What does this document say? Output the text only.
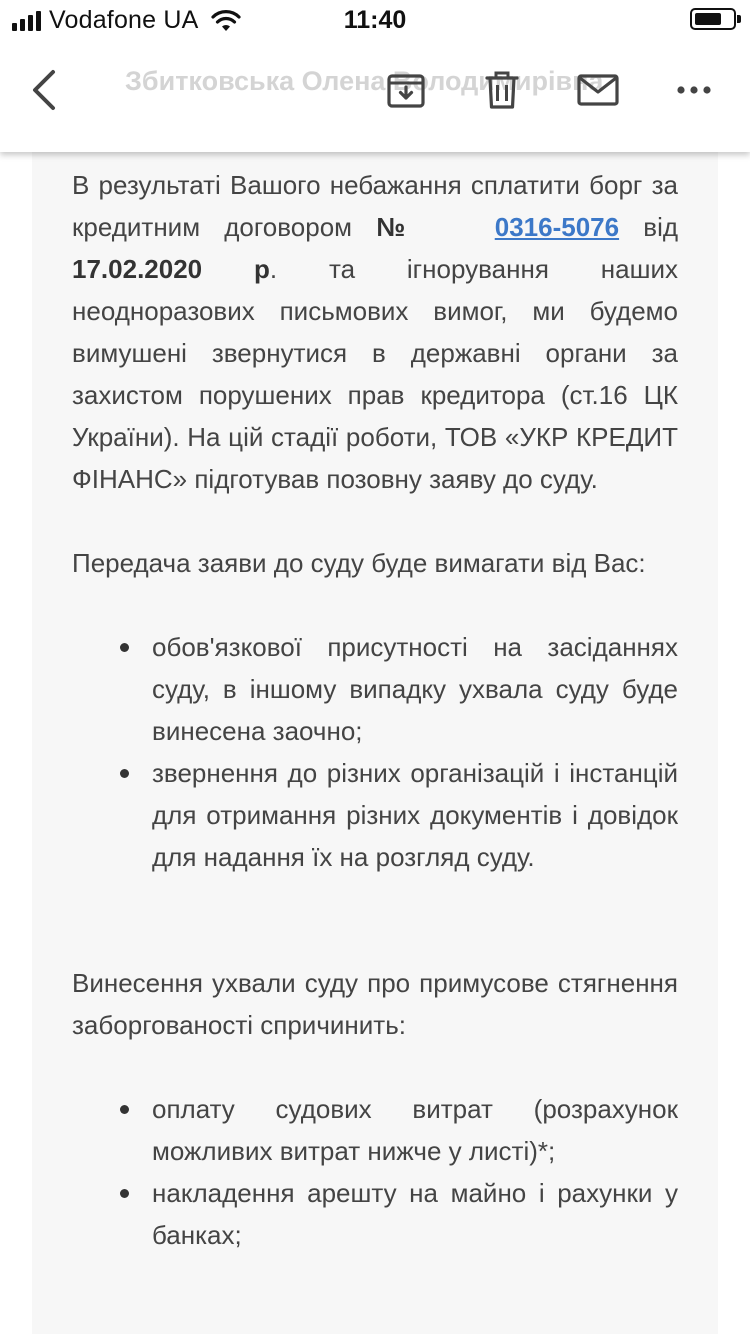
Vodafone UA	11:40
Збитковська Олена Володимирівна

В результаті Вашого небажання сплатити борг за кредитним договором №	0316-5076 від 17.02.2020 р. та ігнорування наших неодноразових письмових вимог, ми будемо вимушені звернутися в державні органи за захистом порушених прав кредитора (ст.16 ЦК України). На цій стадії роботи, ТОВ «УКР КРЕДИТ ФІНАНС» підготував позовну заяву до суду.

Передача заяви до суду буде вимагати від Вас:

обов'язкової присутності на засіданнях суду, в іншому випадку ухвала суду буде винесена заочно;
звернення до різних організацій і інстанцій для отримання різних документів і довідок для надання їх на розгляд суду.

Винесення ухвали суду про примусове стягнення заборгованості спричинить:

оплату судових витрат (розрахунок можливих витрат нижче у листі)*;
накладення арешту на майно і рахунки у банках;
